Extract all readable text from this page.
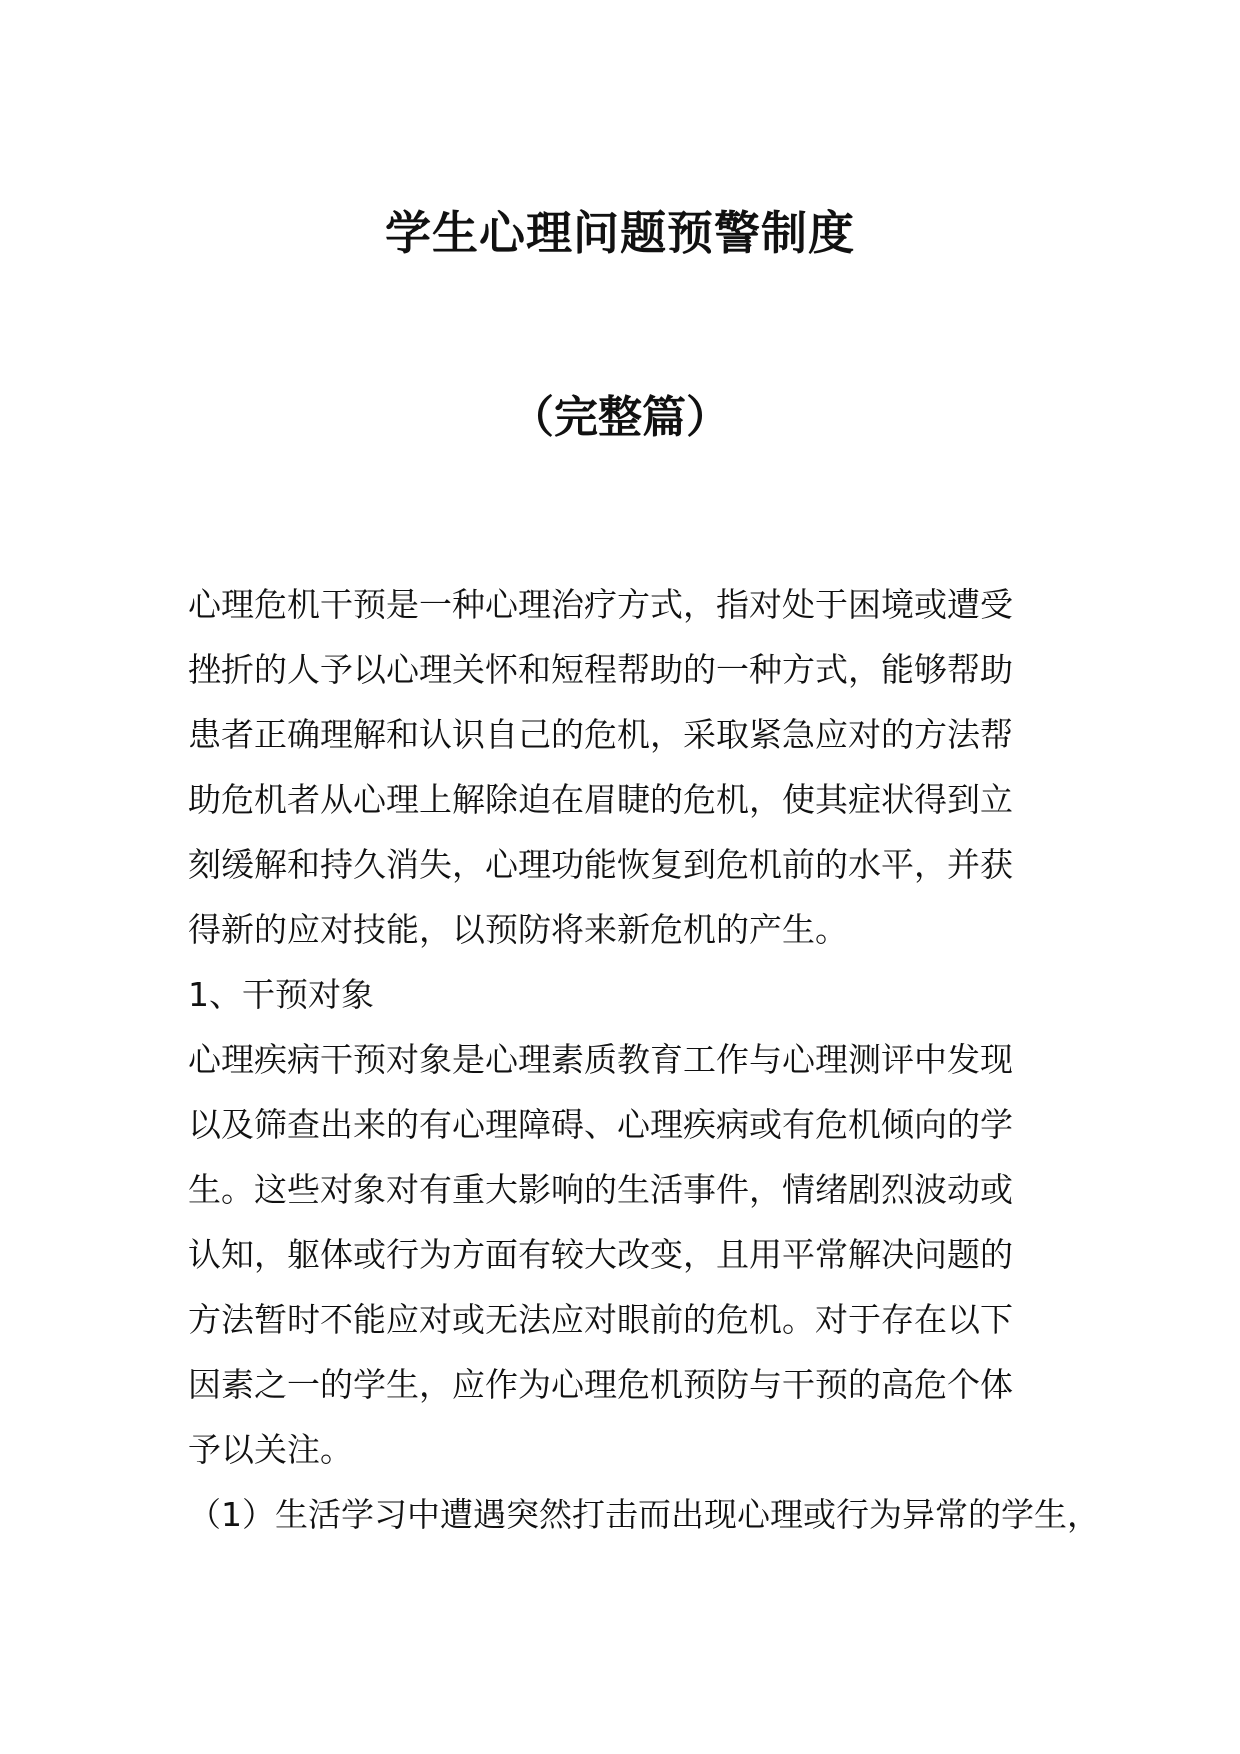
学生心理问题预警制度
（完整篇）
心理危机干预是一种心理治疗方式，指对处于困境或遭受
挫折的人予以心理关怀和短程帮助的一种方式，能够帮助
患者正确理解和认识自己的危机，采取紧急应对的方法帮
助危机者从心理上解除迫在眉睫的危机，使其症状得到立
刻缓解和持久消失，心理功能恢复到危机前的水平，并获
得新的应对技能，以预防将来新危机的产生。
1、干预对象
心理疾病干预对象是心理素质教育工作与心理测评中发现
以及筛查出来的有心理障碍、心理疾病或有危机倾向的学
生。这些对象对有重大影响的生活事件，情绪剧烈波动或
认知，躯体或行为方面有较大改变，且用平常解决问题的
方法暂时不能应对或无法应对眼前的危机。对于存在以下
因素之一的学生，应作为心理危机预防与干预的高危个体
予以关注。
（1）生活学习中遭遇突然打击而出现心理或行为异常的学生，
